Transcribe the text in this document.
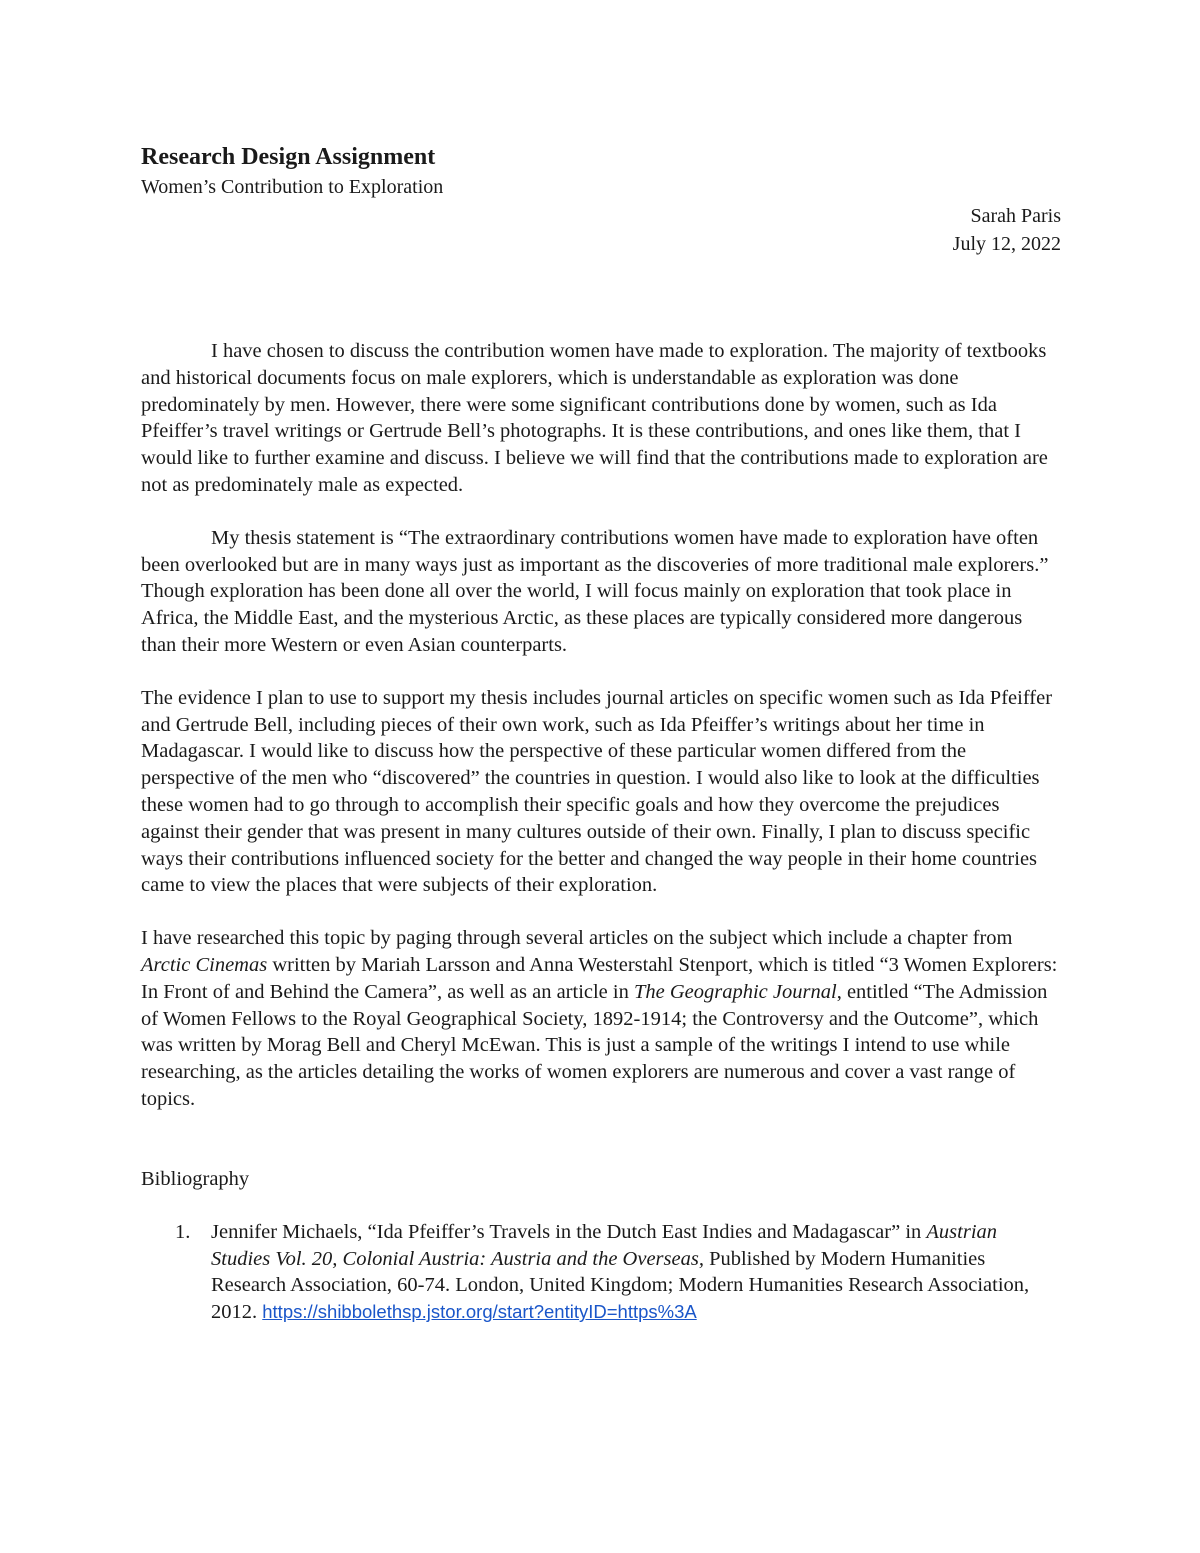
Research Design Assignment
Women’s Contribution to Exploration
Sarah Paris
July 12, 2022

I have chosen to discuss the contribution women have made to exploration. The majority of textbooks and historical documents focus on male explorers, which is understandable as exploration was done predominately by men. However, there were some significant contributions done by women, such as Ida Pfeiffer’s travel writings or Gertrude Bell’s photographs. It is these contributions, and ones like them, that I would like to further examine and discuss. I believe we will find that the contributions made to exploration are not as predominately male as expected.

My thesis statement is “The extraordinary contributions women have made to exploration have often been overlooked but are in many ways just as important as the discoveries of more traditional male explorers.” Though exploration has been done all over the world, I will focus mainly on exploration that took place in Africa, the Middle East, and the mysterious Arctic, as these places are typically considered more dangerous than their more Western or even Asian counterparts.

The evidence I plan to use to support my thesis includes journal articles on specific women such as Ida Pfeiffer and Gertrude Bell, including pieces of their own work, such as Ida Pfeiffer’s writings about her time in Madagascar. I would like to discuss how the perspective of these particular women differed from the perspective of the men who “discovered” the countries in question. I would also like to look at the difficulties these women had to go through to accomplish their specific goals and how they overcome the prejudices against their gender that was present in many cultures outside of their own. Finally, I plan to discuss specific ways their contributions influenced society for the better and changed the way people in their home countries came to view the places that were subjects of their exploration.

I have researched this topic by paging through several articles on the subject which include a chapter from Arctic Cinemas written by Mariah Larsson and Anna Westerstahl Stenport, which is titled “3 Women Explorers: In Front of and Behind the Camera”, as well as an article in The Geographic Journal, entitled “The Admission of Women Fellows to the Royal Geographical Society, 1892-1914; the Controversy and the Outcome”, which was written by Morag Bell and Cheryl McEwan. This is just a sample of the writings I intend to use while researching, as the articles detailing the works of women explorers are numerous and cover a vast range of topics.

Bibliography
1. Jennifer Michaels, “Ida Pfeiffer’s Travels in the Dutch East Indies and Madagascar” in Austrian Studies Vol. 20, Colonial Austria: Austria and the Overseas, Published by Modern Humanities Research Association, 60-74. London, United Kingdom; Modern Humanities Research Association, 2012. https://shibbolethsp.jstor.org/start?entityID=https%3A
